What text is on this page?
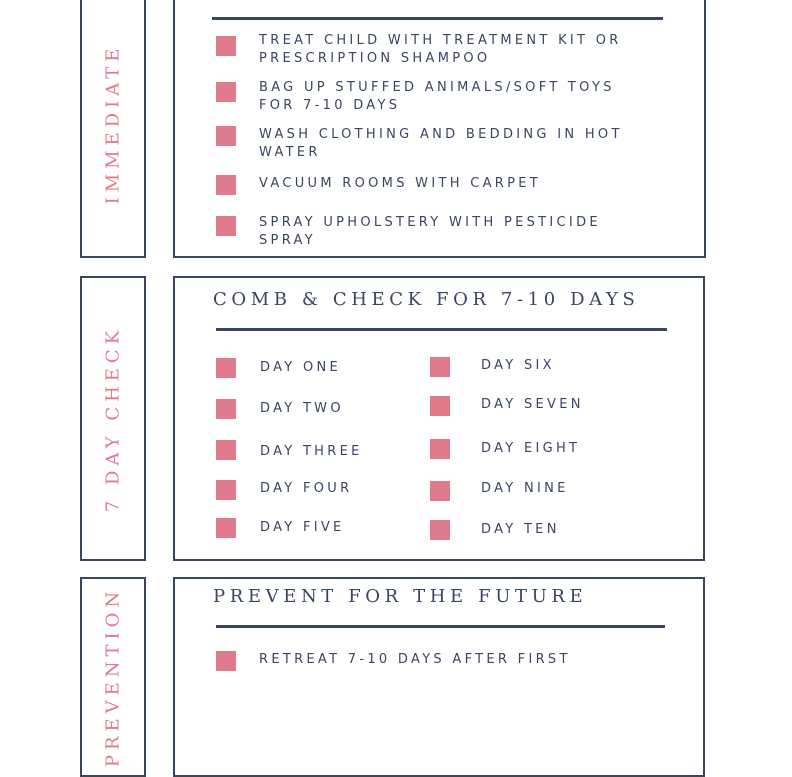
IMMEDIATE
TREAT CHILD WITH TREATMENT KIT OR PRESCRIPTION SHAMPOO
BAG UP STUFFED ANIMALS/SOFT TOYS FOR 7-10 DAYS
WASH CLOTHING AND BEDDING IN HOT WATER
VACUUM ROOMS WITH CARPET
SPRAY UPHOLSTERY WITH PESTICIDE SPRAY
7 DAY CHECK
COMB & CHECK FOR 7-10 DAYS
DAY ONE
DAY TWO
DAY THREE
DAY FOUR
DAY FIVE
DAY SIX
DAY SEVEN
DAY EIGHT
DAY NINE
DAY TEN
PREVENTION	PREVENT FOR THE FUTURE
RETREAT 7-10 DAYS AFTER FIRST
